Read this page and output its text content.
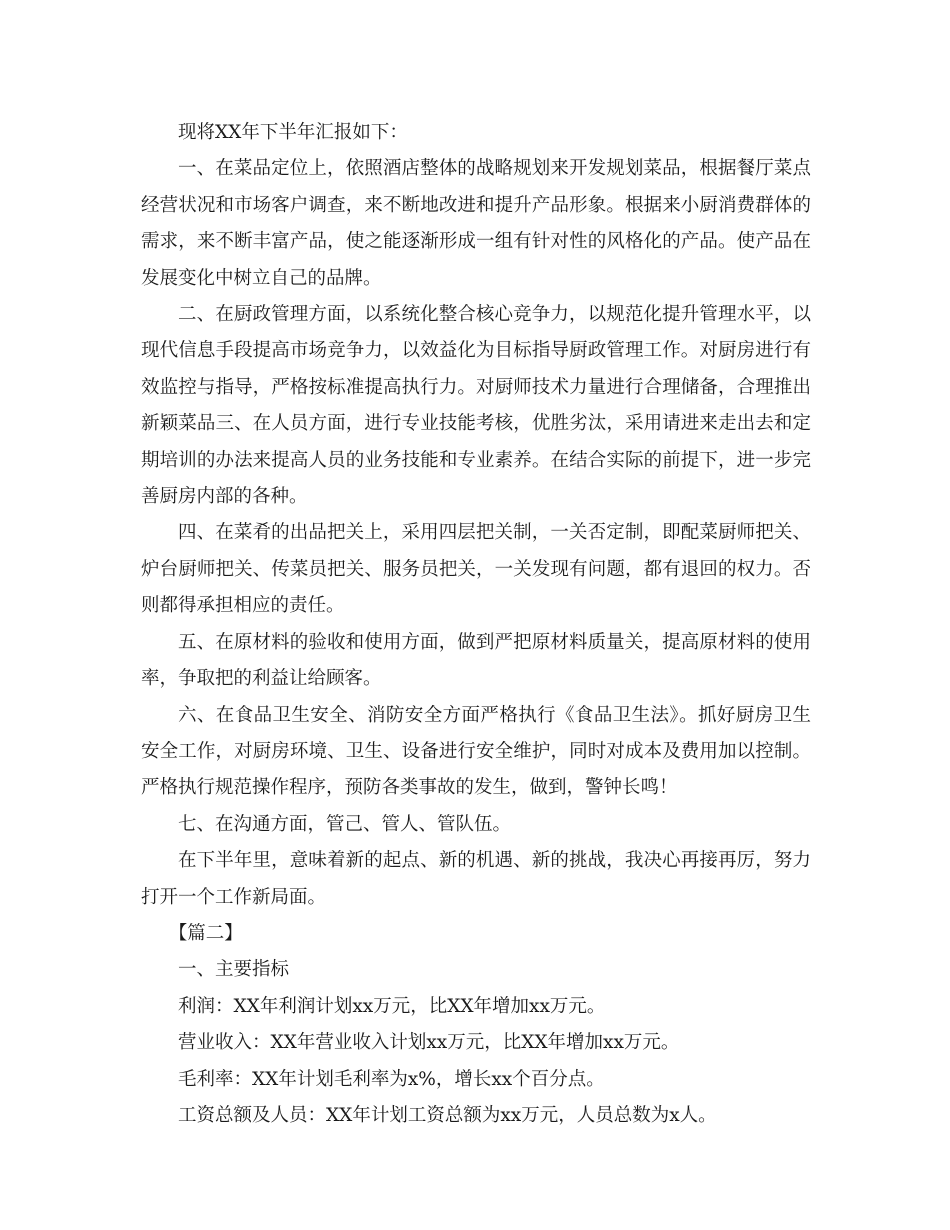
现将XX年下半年汇报如下：

一、在菜品定位上，依照酒店整体的战略规划来开发规划菜品，根据餐厅菜点经营状况和市场客户调查，来不断地改进和提升产品形象。根据来小厨消费群体的需求，来不断丰富产品，使之能逐渐形成一组有针对性的风格化的产品。使产品在发展变化中树立自己的品牌。

二、在厨政管理方面，以系统化整合核心竞争力，以规范化提升管理水平，以现代信息手段提高市场竞争力，以效益化为目标指导厨政管理工作。对厨房进行有效监控与指导，严格按标准提高执行力。对厨师技术力量进行合理储备，合理推出新颖菜品三、在人员方面，进行专业技能考核，优胜劣汰，采用请进来走出去和定期培训的办法来提高人员的业务技能和专业素养。在结合实际的前提下，进一步完善厨房内部的各种。

四、在菜肴的出品把关上，采用四层把关制，一关否定制，即配菜厨师把关、炉台厨师把关、传菜员把关、服务员把关，一关发现有问题，都有退回的权力。否则都得承担相应的责任。

五、在原材料的验收和使用方面，做到严把原材料质量关，提高原材料的使用率，争取把的利益让给顾客。

六、在食品卫生安全、消防安全方面严格执行《食品卫生法》。抓好厨房卫生安全工作，对厨房环境、卫生、设备进行安全维护，同时对成本及费用加以控制。严格执行规范操作程序，预防各类事故的发生，做到，警钟长鸣！

七、在沟通方面，管己、管人、管队伍。

在下半年里，意味着新的起点、新的机遇、新的挑战，我决心再接再厉，努力打开一个工作新局面。

【篇二】

一、主要指标

利润：XX年利润计划xx万元，比XX年增加xx万元。

营业收入：XX年营业收入计划xx万元，比XX年增加xx万元。

毛利率：XX年计划毛利率为x%，增长xx个百分点。

工资总额及人员：XX年计划工资总额为xx万元，人员总数为x人。
